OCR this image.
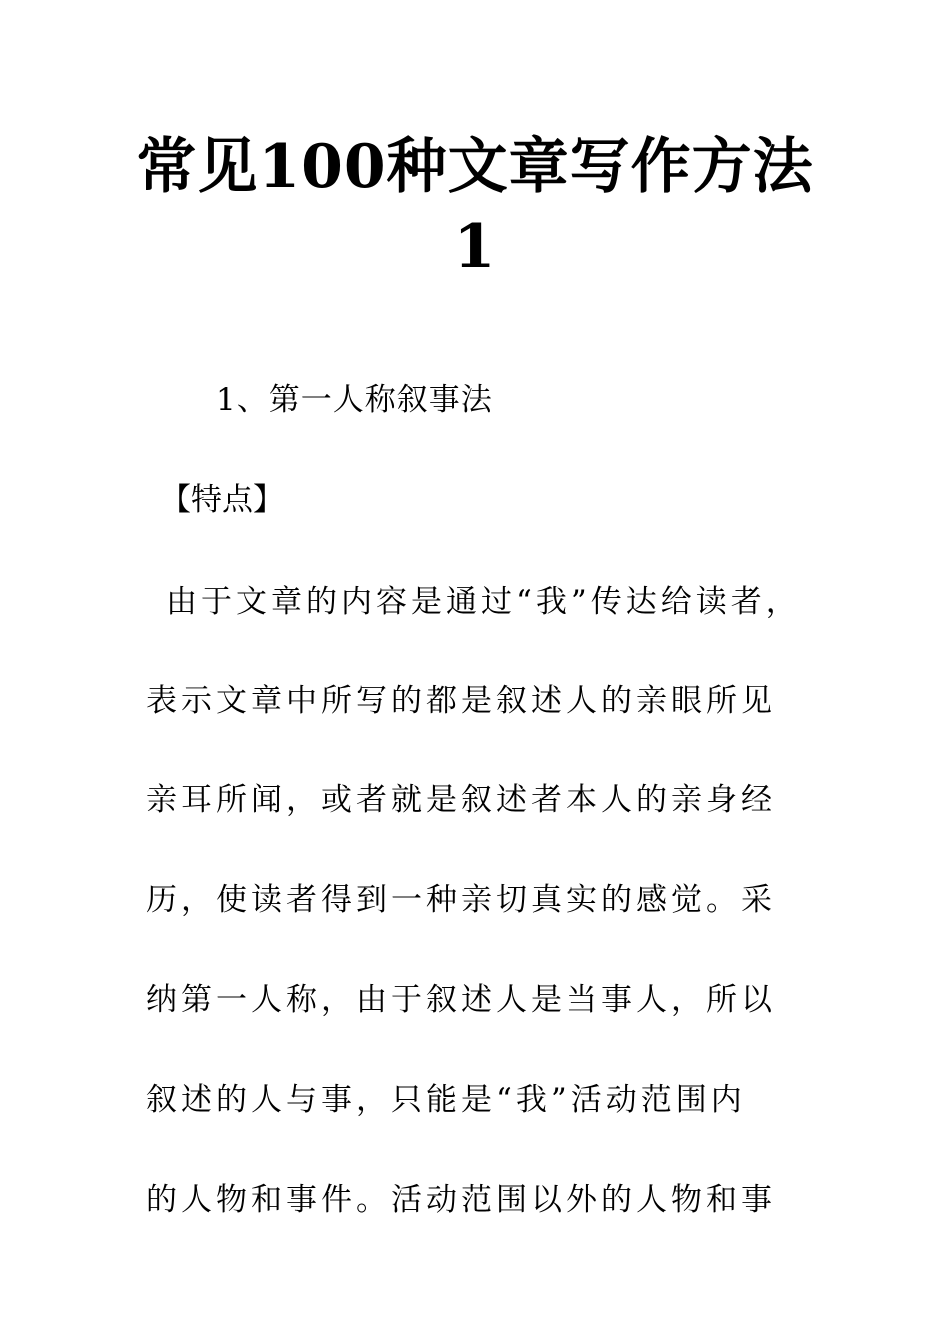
常见100种文章写作方法
1
1、第一人称叙事法
【特点】
由于文章的内容是通过“我”传达给读者，
表示文章中所写的都是叙述人的亲眼所见
亲耳所闻，或者就是叙述者本人的亲身经
历，使读者得到一种亲切真实的感觉。采
纳第一人称，由于叙述人是当事人，所以
叙述的人与事，只能是“我”活动范围内
的人物和事件。活动范围以外的人物和事
